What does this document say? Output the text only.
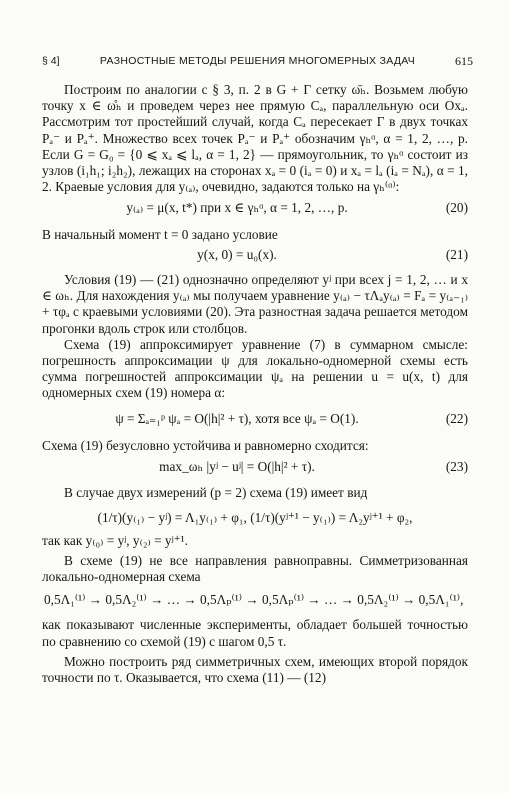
§ 4]	РАЗНОСТНЫЕ МЕТОДЫ РЕШЕНИЯ МНОГОМЕРНЫХ ЗАДАЧ	615

Построим по аналогии с § 3, п. 2 в G + Γ сетку ω̄ₕ. Возьмем любую точку x ∈ ω̊ₕ и проведем через нее прямую Cₐ, параллельную оси Oxₐ. Рассмотрим тот простейший случай, когда Cₐ пересекает Γ в двух точках Pₐ⁻ и Pₐ⁺. Множество всех точек Pₐ⁻ и Pₐ⁺ обозначим γₕᵅ, α = 1, 2, …, p. Если G = G₀ = {0 ⩽ xₐ ⩽ lₐ, α = 1, 2} — прямоугольник, то γₕᵅ состоит из узлов (i₁h₁; i₂h₂), лежащих на сторонах xₐ = 0 (iₐ = 0) и xₐ = lₐ (iₐ = Nₐ), α = 1, 2. Краевые условия для y₍ₐ₎, очевидно, задаются только на γₕ⁽ᵅ⁾:

y₍ₐ₎ = μ(x, t*) при x ∈ γₕᵅ, α = 1, 2, …, p.	(20)

В начальный момент t = 0 задано условие

y(x, 0) = u₀(x).	(21)

Условия (19) — (21) однозначно определяют yʲ при всех j = 1, 2, … и x ∈ ωₕ. Для нахождения y₍ₐ₎ мы получаем уравнение y₍ₐ₎ − τΛₐy₍ₐ₎ = Fₐ = y₍ₐ₋₁₎ + τφₐ с краевыми условиями (20). Эта разностная задача решается методом прогонки вдоль строк или столбцов.

Схема (19) аппроксимирует уравнение (7) в суммарном смысле: погрешность аппроксимации ψ для локально-одномерной схемы есть сумма погрешностей аппроксимации ψₐ на решении u = u(x, t) для одномерных схем (19) номера α:

ψ = Σₐ₌₁ᵖ ψₐ = O(|h|² + τ), хотя все ψₐ = O(1).	(22)

Схема (19) безусловно устойчива и равномерно сходится:

max_ωₕ |yʲ − uʲ| = O(|h|² + τ).	(23)

В случае двух измерений (p = 2) схема (19) имеет вид

(1/τ)(y₍₁₎ − yʲ) = Λ₁y₍₁₎ + φ₁, (1/τ)(yʲ⁺¹ − y₍₁₎) = Λ₂yʲ⁺¹ + φ₂,

так как y₍₀₎ = yʲ, y₍₂₎ = yʲ⁺¹.

В схеме (19) не все направления равноправны. Симметризованная локально-одномерная схема

0,5Λ₁⁽¹⁾ → 0,5Λ₂⁽¹⁾ → … → 0,5Λₚ⁽¹⁾ → 0,5Λₚ⁽¹⁾ → … → 0,5Λ₂⁽¹⁾ → 0,5Λ₁⁽¹⁾,

как показывают численные эксперименты, обладает большей точностью по сравнению со схемой (19) с шагом 0,5 τ.

Можно построить ряд симметричных схем, имеющих второй порядок точности по τ. Оказывается, что схема (11) — (12)
